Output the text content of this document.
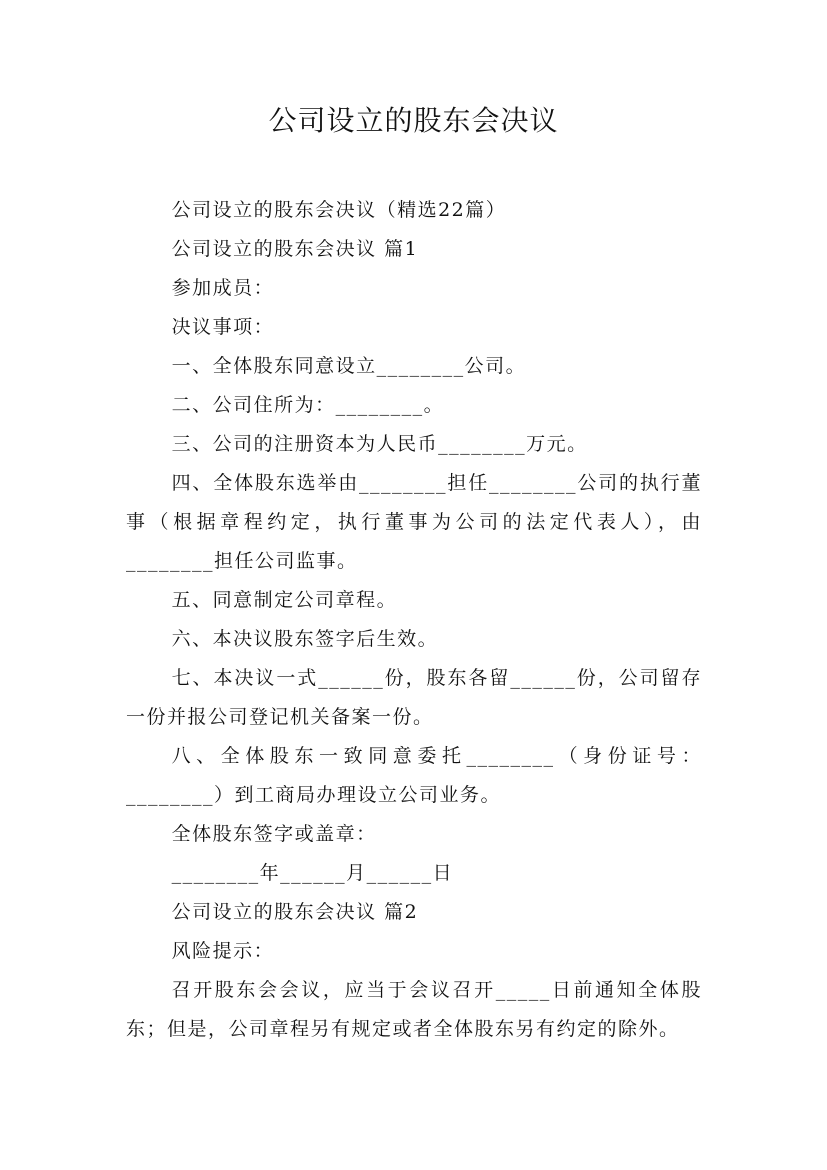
公司设立的股东会决议

公司设立的股东会决议（精选22篇）

公司设立的股东会决议 篇1

参加成员：

决议事项：

一、全体股东同意设立________公司。

二、公司住所为：________。

三、公司的注册资本为人民币________万元。

四、全体股东选举由________担任________公司的执行董事（根据章程约定，执行董事为公司的法定代表人），由________担任公司监事。

五、同意制定公司章程。

六、本决议股东签字后生效。

七、本决议一式______份，股东各留______份，公司留存一份并报公司登记机关备案一份。

八、全体股东一致同意委托________（身份证号：________）到工商局办理设立公司业务。

全体股东签字或盖章：

________年______月______日

公司设立的股东会决议 篇2

风险提示：

召开股东会会议，应当于会议召开_____日前通知全体股东；但是，公司章程另有规定或者全体股东另有约定的除外。
